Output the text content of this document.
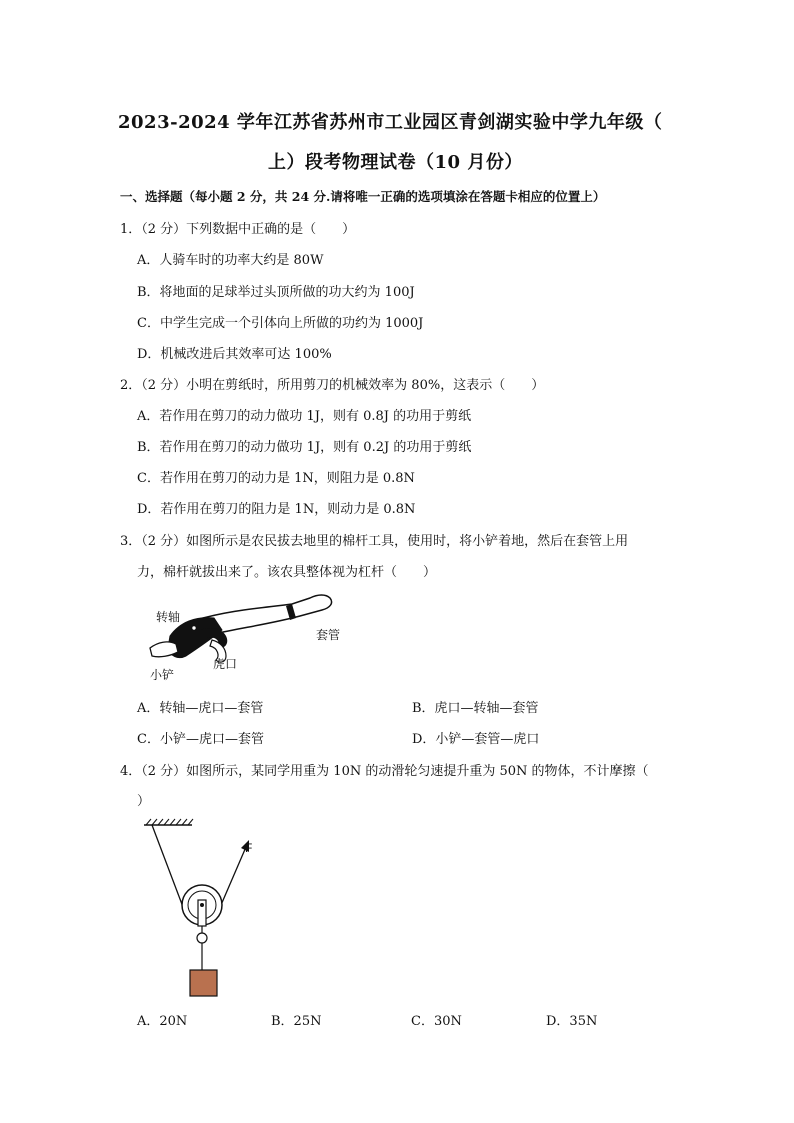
2023-2024 学年江苏省苏州市工业园区青剑湖实验中学九年级（
上）段考物理试卷（10 月份）
一、选择题（每小题 2 分，共 24 分.请将唯一正确的选项填涂在答题卡相应的位置上）
1．（2 分）下列数据中正确的是（　　）
A．人骑车时的功率大约是 80W
B．将地面的足球举过头顶所做的功大约为 100J
C．中学生完成一个引体向上所做的功约为 1000J
D．机械改进后其效率可达 100%
2．（2 分）小明在剪纸时，所用剪刀的机械效率为 80%，这表示（　　）
A．若作用在剪刀的动力做功 1J，则有 0.8J 的功用于剪纸
B．若作用在剪刀的动力做功 1J，则有 0.2J 的功用于剪纸
C．若作用在剪刀的动力是 1N，则阻力是 0.8N
D．若作用在剪刀的阻力是 1N，则动力是 0.8N
3．（2 分）如图所示是农民拔去地里的棉杆工具，使用时，将小铲着地，然后在套管上用
力，棉杆就拔出来了。该农具整体视为杠杆（　　）
转轴
套管
虎口
小铲
A．转轴—虎口—套管	B．虎口—转轴—套管
C．小铲—虎口—套管	D．小铲—套管—虎口
4．（2 分）如图所示，某同学用重为 10N 的动滑轮匀速提升重为 50N 的物体，不计摩擦（
）
F
A．20N	B．25N	C．30N	D．35N
